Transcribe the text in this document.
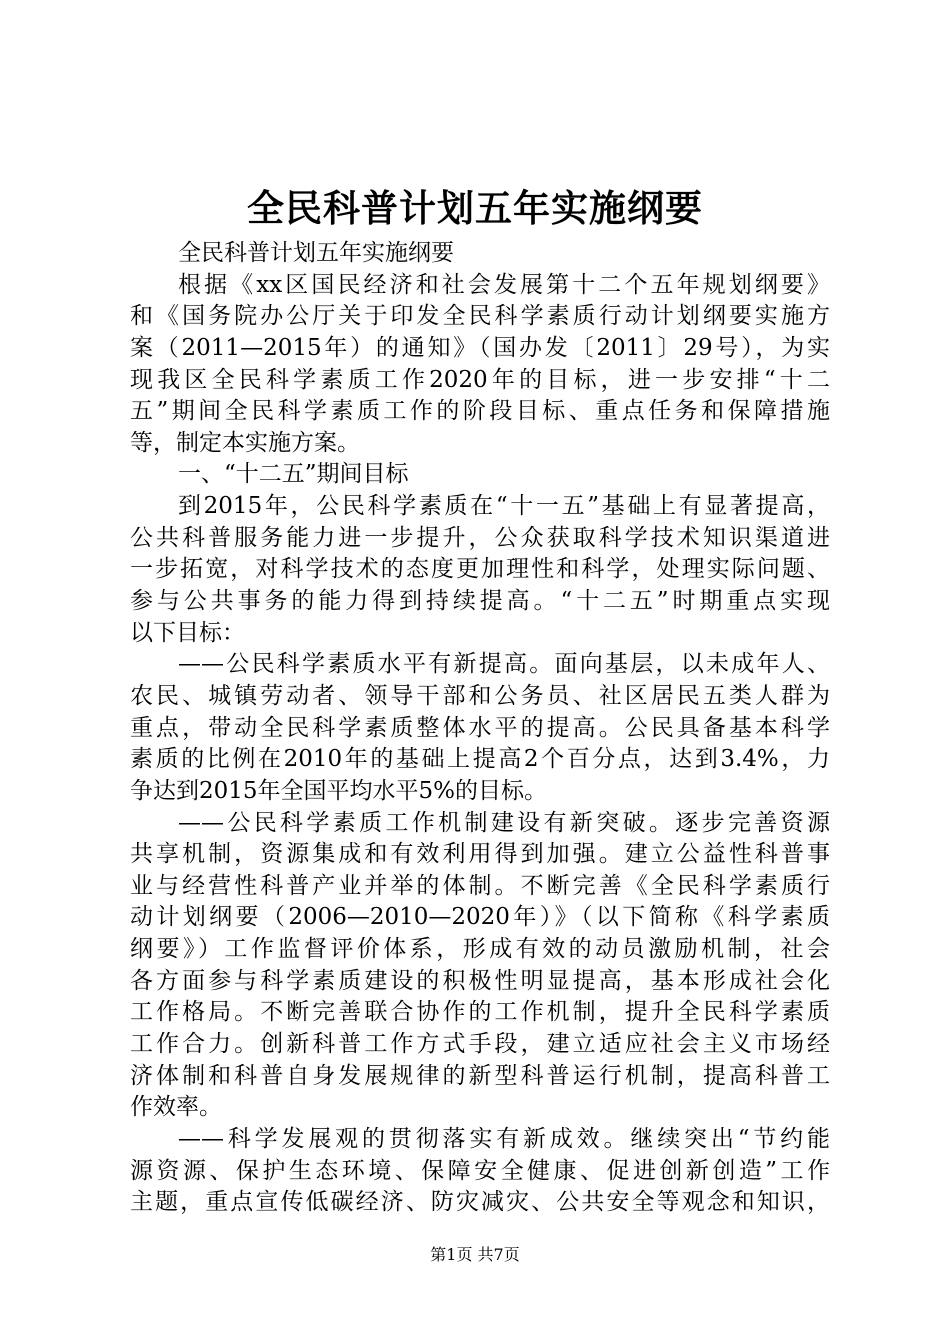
全民科普计划五年实施纲要
全民科普计划五年实施纲要
根据《xx区国民经济和社会发展第十二个五年规划纲要》
和《国务院办公厅关于印发全民科学素质行动计划纲要实施方
案（2011—2015年）的通知》（国办发〔2011〕29号），为实
现我区全民科学素质工作2020年的目标，进一步安排“十二
五”期间全民科学素质工作的阶段目标、重点任务和保障措施
等，制定本实施方案。
一、“十二五”期间目标
到2015年，公民科学素质在“十一五”基础上有显著提高，
公共科普服务能力进一步提升，公众获取科学技术知识渠道进
一步拓宽，对科学技术的态度更加理性和科学，处理实际问题、
参与公共事务的能力得到持续提高。“十二五”时期重点实现
以下目标：
——公民科学素质水平有新提高。面向基层，以未成年人、
农民、城镇劳动者、领导干部和公务员、社区居民五类人群为
重点，带动全民科学素质整体水平的提高。公民具备基本科学
素质的比例在2010年的基础上提高2个百分点，达到3.4%，力
争达到2015年全国平均水平5%的目标。
——公民科学素质工作机制建设有新突破。逐步完善资源
共享机制，资源集成和有效利用得到加强。建立公益性科普事
业与经营性科普产业并举的体制。不断完善《全民科学素质行
动计划纲要（2006—2010—2020年）》（以下简称《科学素质
纲要》）工作监督评价体系，形成有效的动员激励机制，社会
各方面参与科学素质建设的积极性明显提高，基本形成社会化
工作格局。不断完善联合协作的工作机制，提升全民科学素质
工作合力。创新科普工作方式手段，建立适应社会主义市场经
济体制和科普自身发展规律的新型科普运行机制，提高科普工
作效率。
——科学发展观的贯彻落实有新成效。继续突出“节约能
源资源、保护生态环境、保障安全健康、促进创新创造”工作
主题，重点宣传低碳经济、防灾减灾、公共安全等观念和知识，
第1页 共7页
